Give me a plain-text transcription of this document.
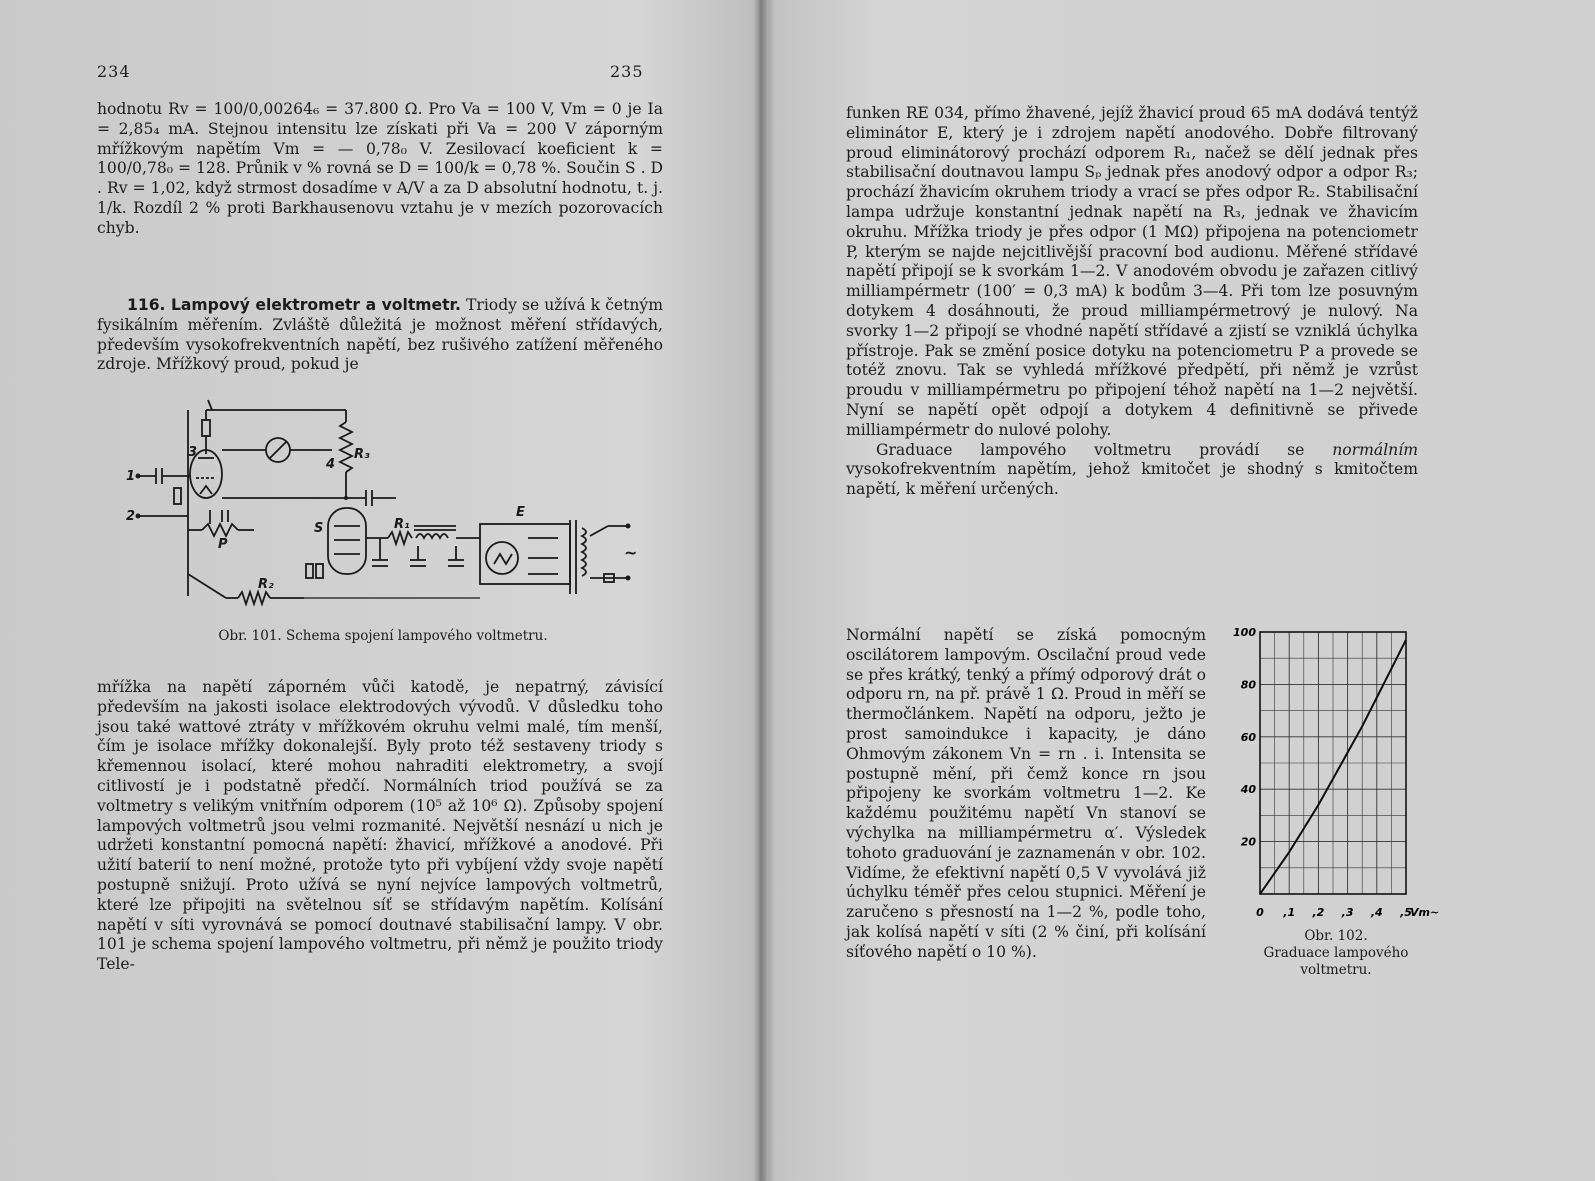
234

hodnotu Rv = 100/0,00264₆ = 37.800 Ω. Pro Va = 100 V, Vm = 0 je Ia = 2,85₄ mA. Stejnou intensitu lze získati při Va = 200 V záporným mřížkovým napětím Vm = — 0,78₀ V. Zesilovací koeficient k = 100/0,78₀ = 128. Průnik v % rovná se D = 100/k = 0,78 %. Součin S . D . Rv = 1,02, když strmost dosadíme v A/V a za D absolutní hodnotu, t. j. 1/k. Rozdíl 2 % proti Barkhausenovu vztahu je v mezích pozorovacích chyb.

116. Lampový elektrometr a voltmetr. Triody se užívá k četným fysikálním měřením. Zvláště důležitá je možnost měření střídavých, především vysokofrekventních napětí, bez rušivého zatížení měřeného zdroje. Mřížkový proud, pokud je

1
2
3
4
R₃
S	R₁
E
P
R₂
~
Obr. 101. Schema spojení lampového voltmetru.

mřížka na napětí záporném vůči katodě, je nepatrný, závisící především na jakosti isolace elektrodových vývodů. V důsledku toho jsou také wattové ztráty v mřížkovém okruhu velmi malé, tím menší, čím je isolace mřížky dokonalejší. Byly proto též sestaveny triody s křemennou isolací, které mohou nahraditi elektrometry, a svojí citlivostí je i podstatně předčí. Normálních triod používá se za voltmetry s velikým vnitřním odporem (10⁵ až 10⁶ Ω). Způsoby spojení lampových voltmetrů jsou velmi rozmanité. Největší nesnází u nich je udržeti konstantní pomocná napětí: žhavicí, mřížkové a anodové. Při užití baterií to není možné, protože tyto při vybíjení vždy svoje napětí postupně snižují. Proto užívá se nyní nejvíce lampových voltmetrů, které lze připojiti na světelnou síť se střídavým napětím. Kolísání napětí v síti vyrovnává se pomocí doutnavé stabilisační lampy. V obr. 101 je schema spojení lampového voltmetru, při němž je použito triody Tele-

235

funken RE 034, přímo žhavené, jejíž žhavicí proud 65 mA dodává tentýž eliminátor E, který je i zdrojem napětí anodového. Dobře filtrovaný proud eliminátorový prochází odporem R₁, načež se dělí jednak přes stabilisační doutnavou lampu Sₚ jednak přes anodový odpor a odpor R₃; prochází žhavicím okruhem triody a vrací se přes odpor R₂. Stabilisační lampa udržuje konstantní jednak napětí na R₃, jednak ve žhavicím okruhu. Mřížka triody je přes odpor (1 MΩ) připojena na potenciometr P, kterým se najde nejcitlivější pracovní bod audionu. Měřené střídavé napětí připojí se k svorkám 1—2. V anodovém obvodu je zařazen citlivý milliampérmetr (100′ = 0,3 mA) k bodům 3—4. Při tom lze posuvným dotykem 4 dosáhnouti, že proud milliampérmetrový je nulový. Na svorky 1—2 připojí se vhodné napětí střídavé a zjistí se vzniklá úchylka přístroje. Pak se změní posice dotyku na potenciometru P a provede se totéž znovu. Tak se vyhledá mřížkové předpětí, při němž je vzrůst proudu v milliampérmetru po připojení téhož napětí na 1—2 největší. Nyní se napětí opět odpojí a dotykem 4 definitivně se přivede milliampérmetr do nulové polohy.

Graduace lampového voltmetru provádí se normálním vysokofrekventním napětím, jehož kmitočet je shodný s kmitočtem napětí, k měření určených.

Normální napětí se získá pomocným oscilátorem lampovým. Oscilační proud vede se přes krátký, tenký a přímý odporový drát o odporu rn, na př. právě 1 Ω. Proud in měří se thermočlánkem. Napětí na odporu, ježto je prost samoindukce i kapacity, je dáno Ohmovým zákonem Vn = rn . i. Intensita se postupně mění, při čemž konce rn jsou připojeny ke svorkám voltmetru 1—2. Ke každému použitému napětí Vn stanoví se výchylka na milliampérmetru α′. Výsledek tohoto graduování je zaznamenán v obr. 102. Vidíme, že efektivní napětí 0,5 V vyvolává již úchylku téměř přes celou stupnici. Měření je zaručeno s přesností na 1—2 %, podle toho, jak kolísá napětí v síti (2 % činí, při kolísání síťového napětí o 10 %).

20
40
60
80
100
0 ,1 ,2 ,3 ,4 ,5
Vm~
Obr. 102.
Graduace lampového
voltmetru.
